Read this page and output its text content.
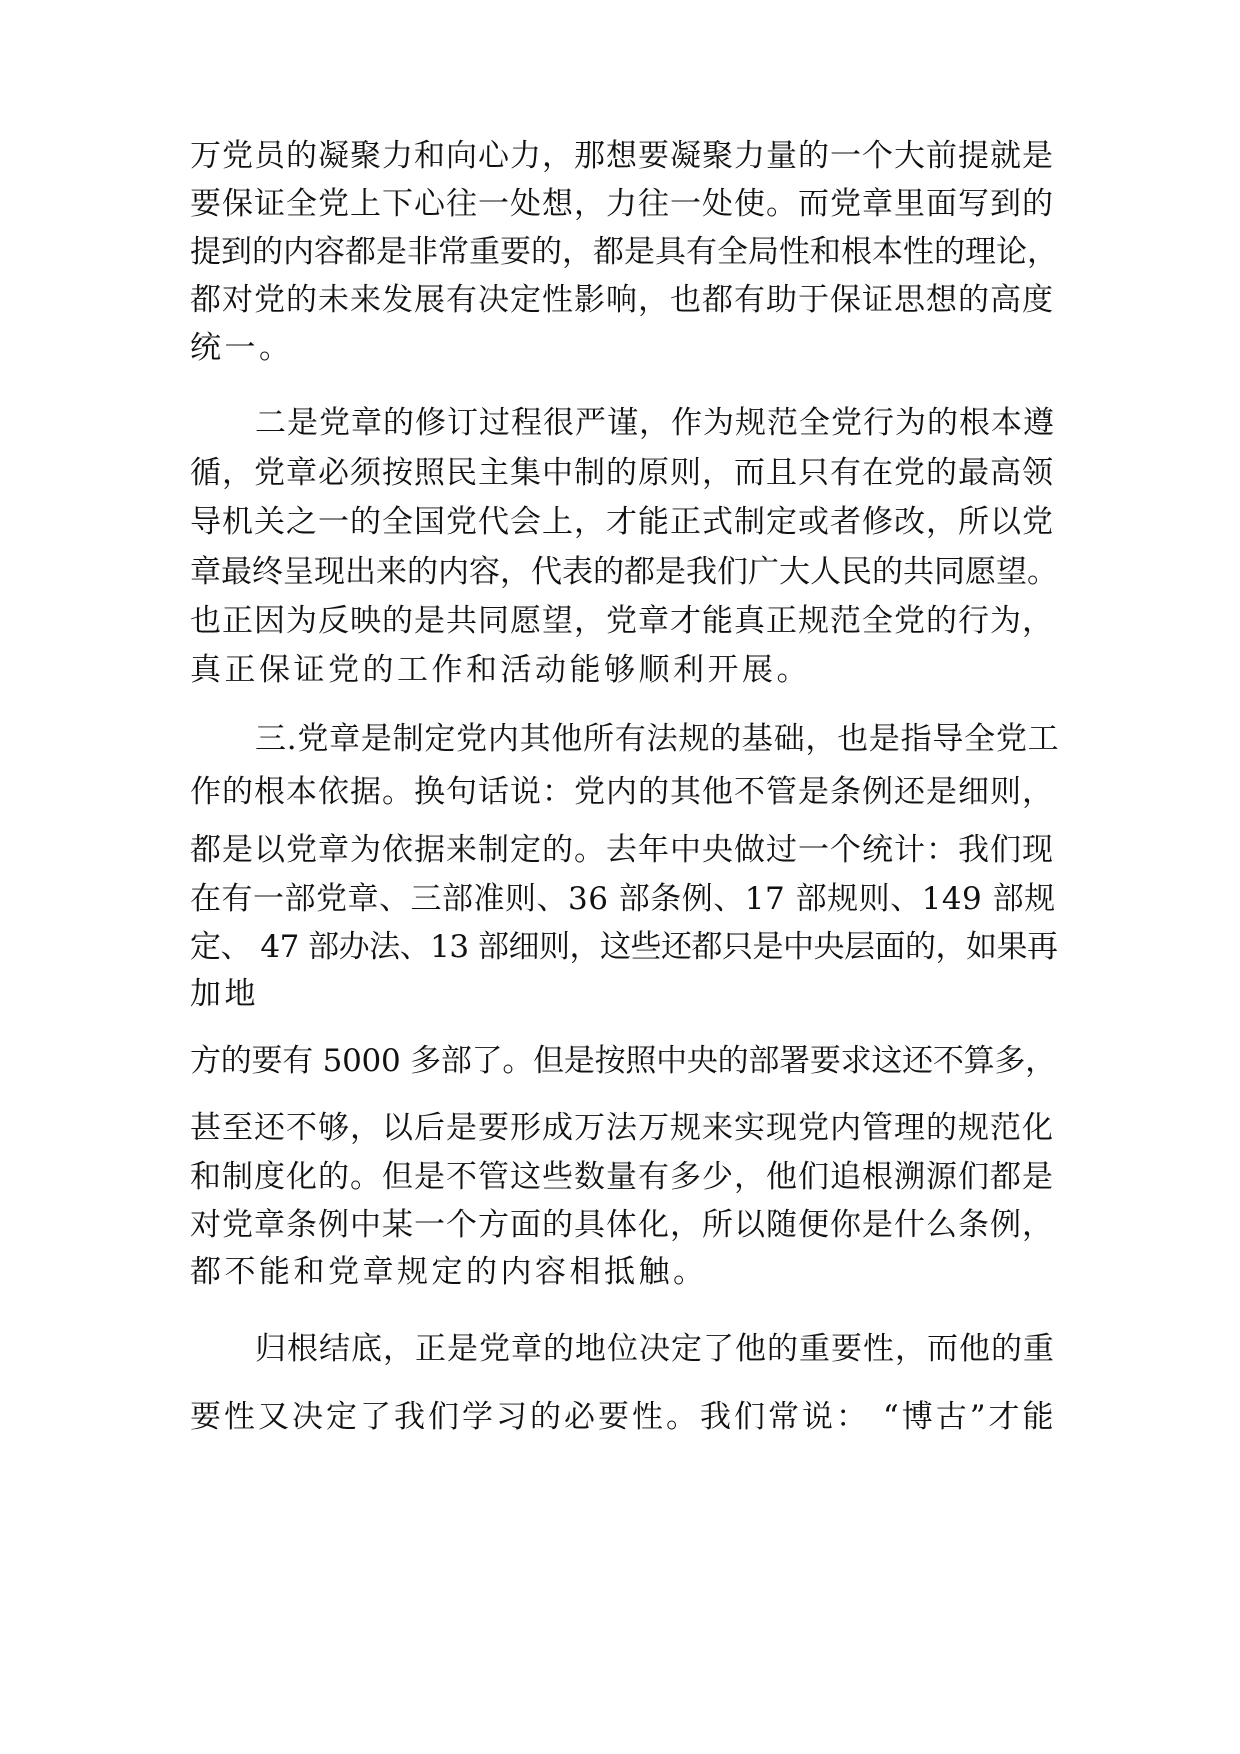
万党员的凝聚力和向心力，那想要凝聚力量的一个大前提就是
要保证全党上下心往一处想，力往一处使。而党章里面写到的
提到的内容都是非常重要的，都是具有全局性和根本性的理论，
都对党的未来发展有决定性影响，也都有助于保证思想的高度
统一。
二是党章的修订过程很严谨，作为规范全党行为的根本遵
循，党章必须按照民主集中制的原则，而且只有在党的最高领
导机关之一的全国党代会上，才能正式制定或者修改，所以党
章最终呈现出来的内容，代表的都是我们广大人民的共同愿望。
也正因为反映的是共同愿望，党章才能真正规范全党的行为，
真正保证党的工作和活动能够顺利开展。
三.党章是制定党内其他所有法规的基础，也是指导全党工
作的根本依据。换句话说：党内的其他不管是条例还是细则，
都是以党章为依据来制定的。去年中央做过一个统计：我们现
在有一部党章、三部准则、36 部条例、17 部规则、149 部规
定、 47 部办法、13 部细则，这些还都只是中央层面的，如果再
加地
方的要有 5000 多部了。但是按照中央的部署要求这还不算多，
甚至还不够，以后是要形成万法万规来实现党内管理的规范化
和制度化的。但是不管这些数量有多少，他们追根溯源们都是
对党章条例中某一个方面的具体化，所以随便你是什么条例，
都不能和党章规定的内容相抵触。
归根结底，正是党章的地位决定了他的重要性，而他的重
要性又决定了我们学习的必要性。我们常说： “博古”才能
